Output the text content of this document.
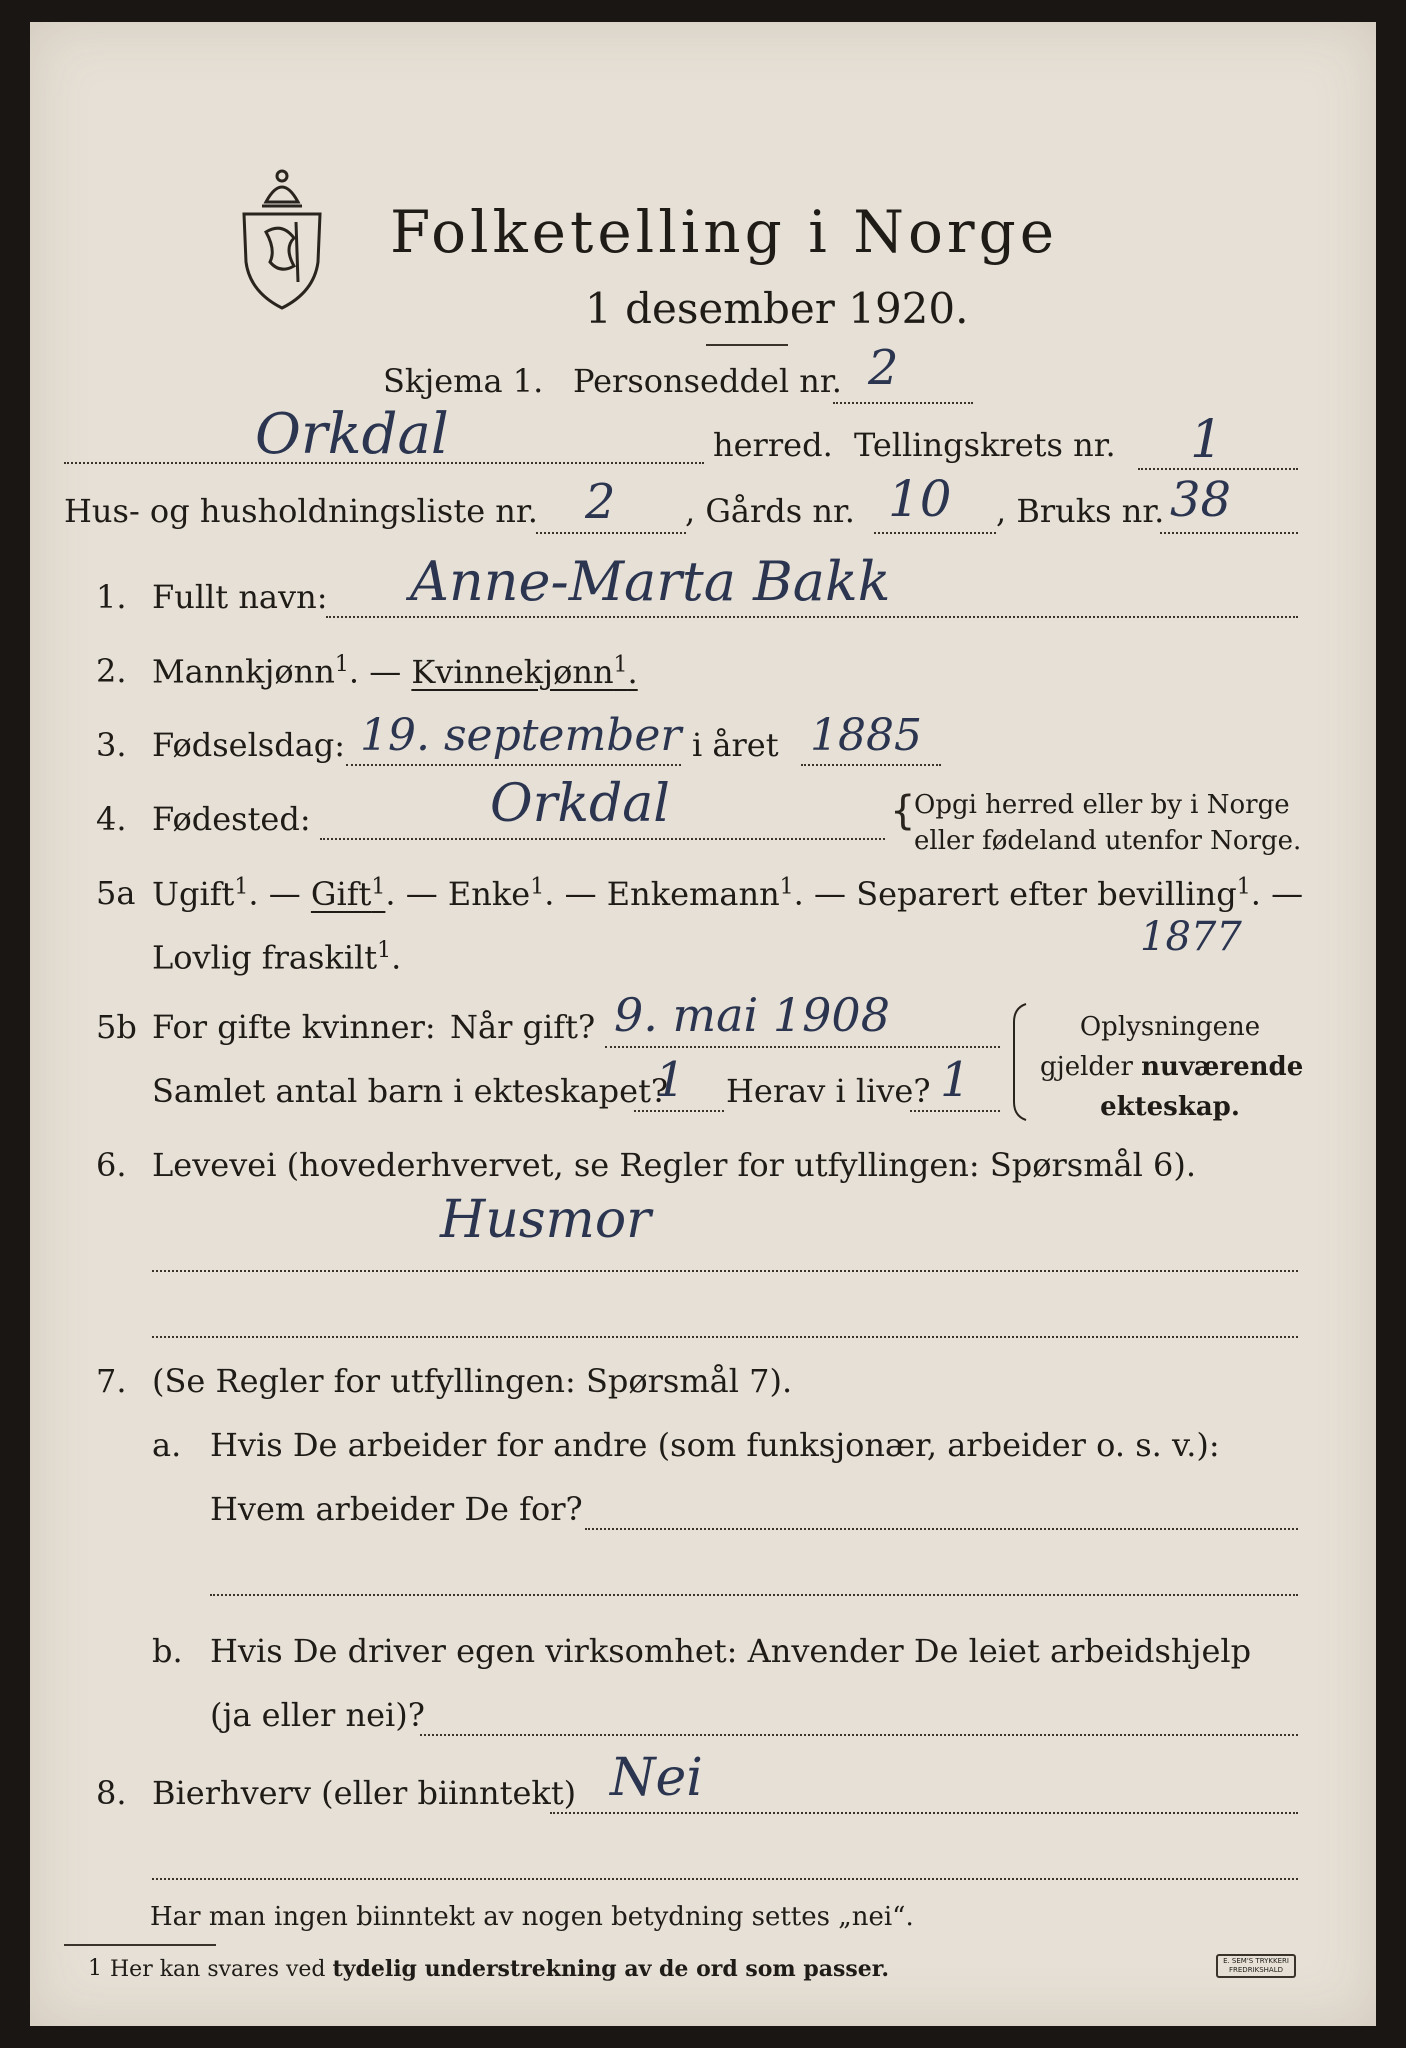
Folketelling i Norge
1 desember 1920.
Skjema 1. Personseddel nr. 2
Orkdal	herred. Tellingskrets nr. 1
Hus- og husholdningsliste nr. 2 , Gårds nr. 10 , Bruks nr. 38
1. Fullt navn: Anne-Marta Bakk
2. Mannkjønn$^1$. — Kvinnekjønn$^1$.
3. Fødselsdag: 19. september i året 1885
4. Fødested:	Orkdal	{
Opgi herred eller by i Norge
eller fødeland utenfor Norge.
5a Ugift$^1$. — Gift$^1$. — Enke$^1$. — Enkemann$^1$. — Separert efter bevilling$^1$. —
Lovlig fraskilt$^1$.	1877
5b For gifte kvinner: Når gift? 9. mai 1908
Samlet antal barn i ekteskapet?
1 Herav i live? 1
Oplysningene
gjelder nuværende
ekteskap.
6. Levevei (hovederhvervet, se Regler for utfyllingen: Spørsmål 6).
Husmor
7. (Se Regler for utfyllingen: Spørsmål 7).
a. Hvis De arbeider for andre (som funksjonær, arbeider o. s. v.):
Hvem arbeider De for?
b. Hvis De driver egen virksomhet: Anvender De leiet arbeidshjelp
(ja eller nei)?
8. Bierhverv (eller biinntekt) Nei
Har man ingen biinntekt av nogen betydning settes „nei“.
1 Her kan svares ved tydelig understrekning av de ord som passer.	E. SEM'S TRYKKERI
FREDRIKSHALD
